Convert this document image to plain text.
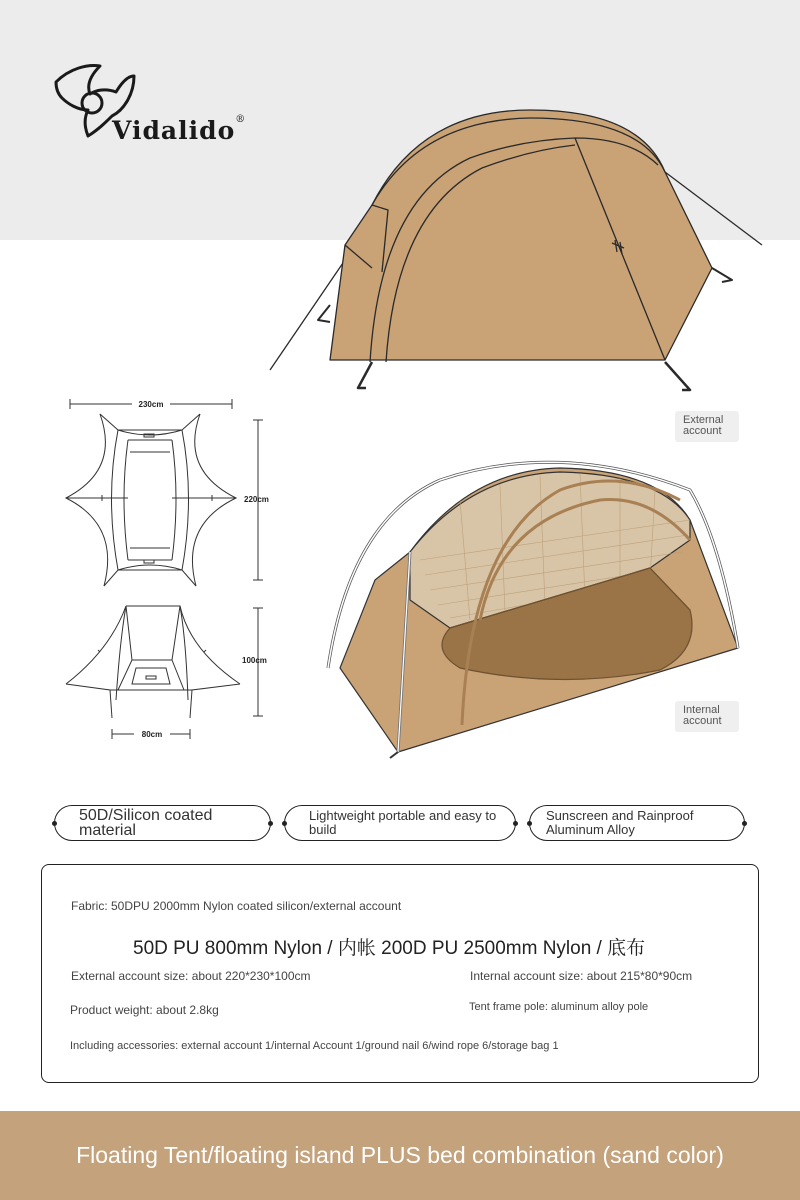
Vidalido®
230cm
220cm
100cm
80cm
External account
Internal account
50D/Silicon coated material
Lightweight portable and easy to build
Sunscreen and Rainproof Aluminum Alloy
Fabric: 50DPU 2000mm Nylon coated silicon/external account
50D PU 800mm Nylon / 内帐 200D PU 2500mm Nylon / 底布
External account size: about 220*230*100cm	Internal account size: about 215*80*90cm
Product weight: about 2.8kg	Tent frame pole: aluminum alloy pole
Including accessories: external account 1/internal Account 1/ground nail 6/wind rope 6/storage bag 1
Floating Tent/floating island PLUS bed combination (sand color)
